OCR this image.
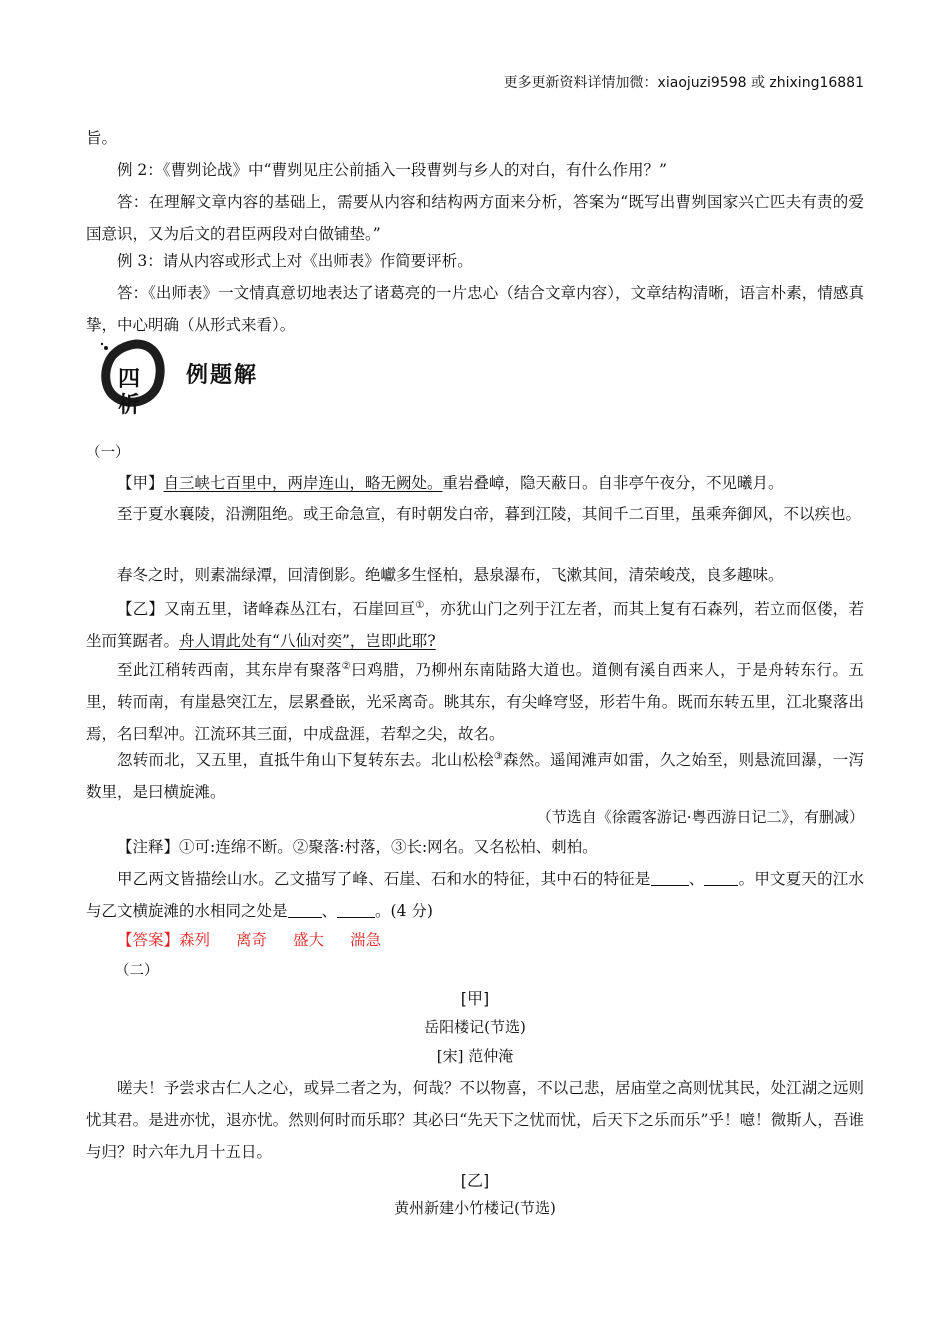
更多更新资料详情加微：xiaojuzi9598 或 zhixing16881

旨。

例 2：《曹刿论战》中“曹刿见庄公前插入一段曹刿与乡人的对白，有什么作用？”

答：在理解文章内容的基础上，需要从内容和结构两方面来分析，答案为“既写出曹刿国家兴亡匹夫有责的爱国意识，又为后文的君臣两段对白做铺垫。”

例 3：请从内容或形式上对《出师表》作简要评析。

答：《出师表》一文情真意切地表达了诸葛亮的一片忠心（结合文章内容），文章结构清晰，语言朴素，情感真挚，中心明确（从形式来看）。

四
析
例题解

（一）

【甲】自三峡七百里中，两岸连山，略无阙处。重岩叠嶂，隐天蔽日。自非亭午夜分，不见曦月。

至于夏水襄陵，沿溯阻绝。或王命急宣，有时朝发白帝，暮到江陵，其间千二百里，虽乘奔御风，不以疾也。

春冬之时，则素湍绿潭，回清倒影。绝巘多生怪柏，悬泉瀑布，飞漱其间，清荣峻茂，良多趣味。

【乙】又南五里，诸峰森丛江右，石崖回亘①，亦犹山门之列于江左者，而其上复有石森列，若立而伛偻，若坐而箕踞者。舟人谓此处有“八仙对奕”，岂即此耶?

至此江稍转西南，其东岸有聚落②曰鸡腊，乃柳州东南陆路大道也。道侧有溪自西来人，于是舟转东行。五里，转而南，有崖悬突江左，层累叠嵌，光采离奇。眺其东，有尖峰穹竖，形若牛角。既而东转五里，江北聚落出焉，名曰犁冲。江流环其三面，中成盘涯，若犁之尖，故名。

忽转而北，又五里，直抵牛角山下复转东去。北山松桧③森然。遥闻滩声如雷，久之始至，则悬流回瀑，一泻数里，是曰横旋滩。

（节选自《徐霞客游记·粤西游日记二》，有删减）

【注释】①可:连绵不断。②聚落:村落，③长:网名。又名松柏、刺柏。

甲乙两文皆描绘山水。乙文描写了峰、石崖、石和水的特征，其中石的特征是 、 。甲文夏天的江水与乙文横旋滩的水相同之处是 、 。(4 分)

【答案】森列 离奇 盛大 湍急

（二）

[甲]
岳阳楼记(节选)
[宋] 范仲淹

嗟夫！予尝求古仁人之心，或异二者之为，何哉？不以物喜，不以己悲，居庙堂之高则忧其民，处江湖之远则忧其君。是进亦忧，退亦忧。然则何时而乐耶？其必曰“先天下之忧而忧，后天下之乐而乐”乎！噫！微斯人，吾谁与归？时六年九月十五日。

[乙]
黄州新建小竹楼记(节选)
